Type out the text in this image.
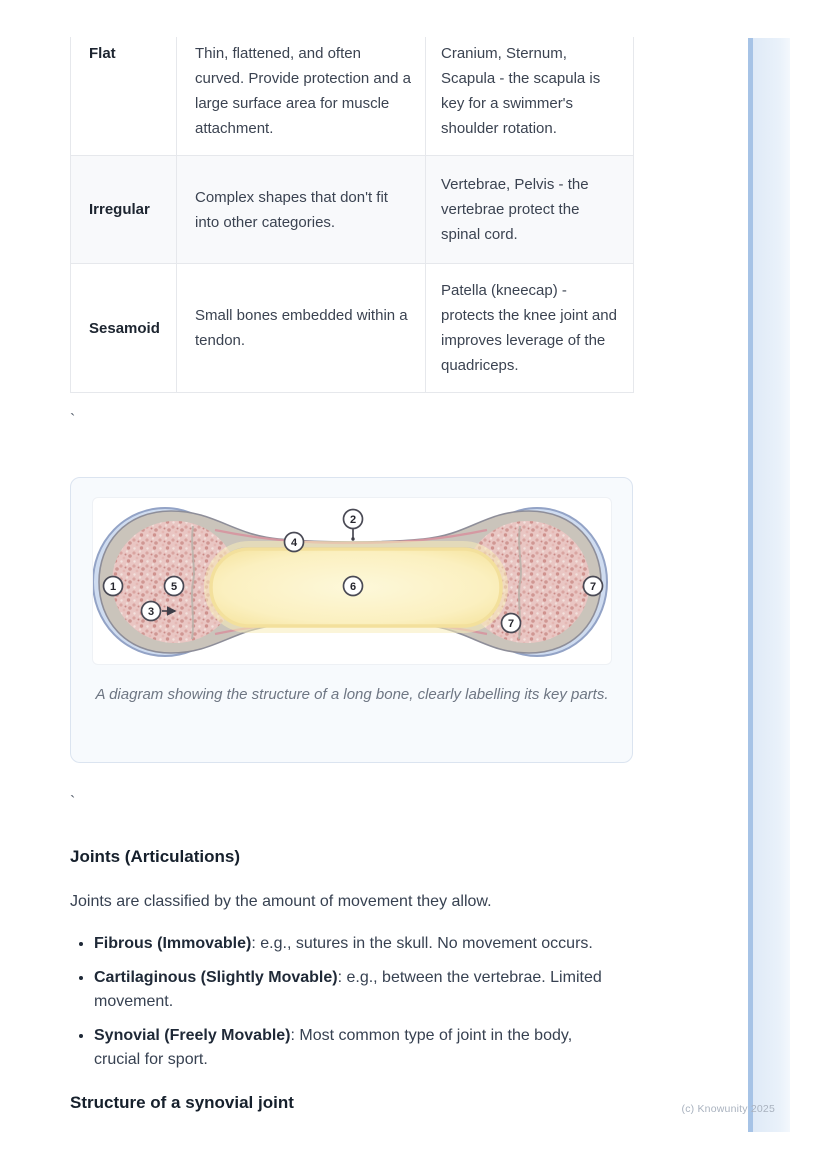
Flat	Thin, flattened, and often curved. Provide protection and a large surface area for muscle attachment.	Cranium, Sternum, Scapula - the scapula is key for a swimmer's shoulder rotation.
Irregular	Complex shapes that don't fit into other categories.	Vertebrae, Pelvis - the vertebrae protect the spinal cord.
Sesamoid	Small bones embedded within a tendon.	Patella (kneecap) - protects the knee joint and improves leverage of the quadriceps.
`
1
2
3
4
5	6	7
7
A diagram showing the structure of a long bone, clearly labelling its key parts.
`
Joints (Articulations)
Joints are classified by the amount of movement they allow.
• Fibrous (Immovable): e.g., sutures in the skull. No movement occurs.
• Cartilaginous (Slightly Movable): e.g., between the vertebrae. Limited movement.
• Synovial (Freely Movable): Most common type of joint in the body, crucial for sport.
Structure of a synovial joint	(c) Knowunity 2025
